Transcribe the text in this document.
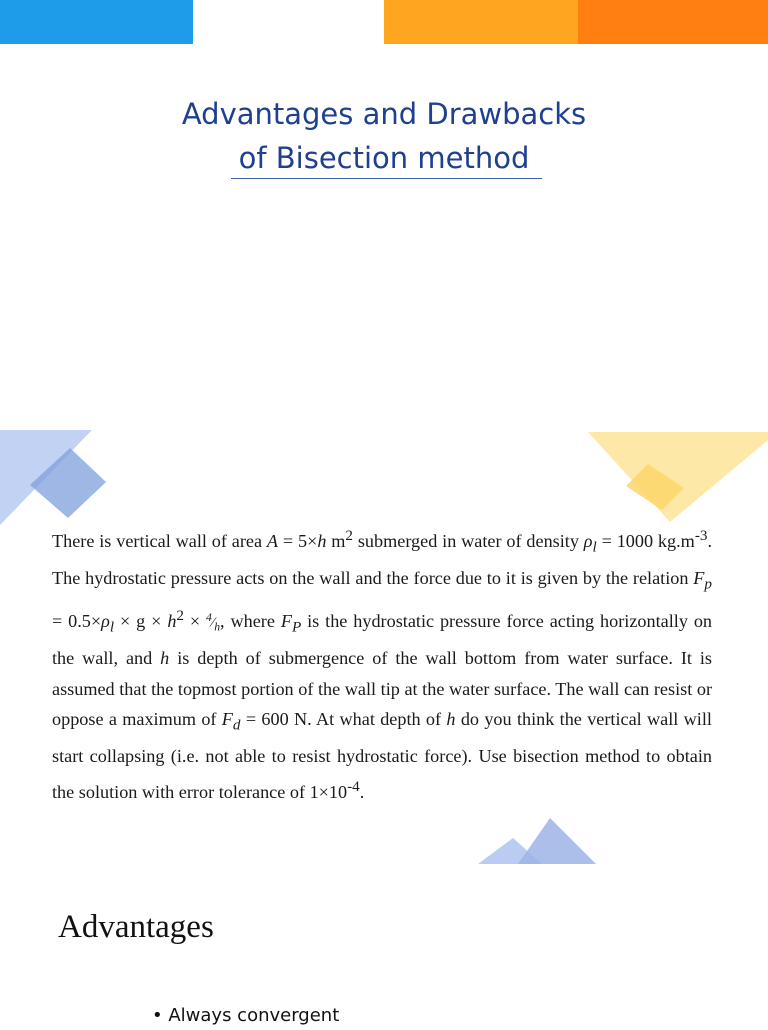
Advantages and Drawbacks
of Bisection method

There is vertical wall of area A = 5×h $m^2$ submerged in water of density $\rho_l = 1000$ $kg.m^{-3}$. The hydrostatic pressure acts on the wall and the force due to it is given by the relation $F_p = 0.5\times\rho_l \times g \times h^2$ × $^4⁄_h$, where $F_P$ is the hydrostatic pressure force acting horizontally on the wall, and h is depth of submergence of the wall bottom from water surface. It is assumed that the topmost portion of the wall tip at the water surface. The wall can resist or oppose a maximum of $F_d = 600$ N. At what depth of h do you think the vertical wall will start collapsing (i.e. not able to resist hydrostatic force). Use bisection method to obtain the solution with error tolerance of $1\times 10^{-4}$.

Advantages
• Always convergent
